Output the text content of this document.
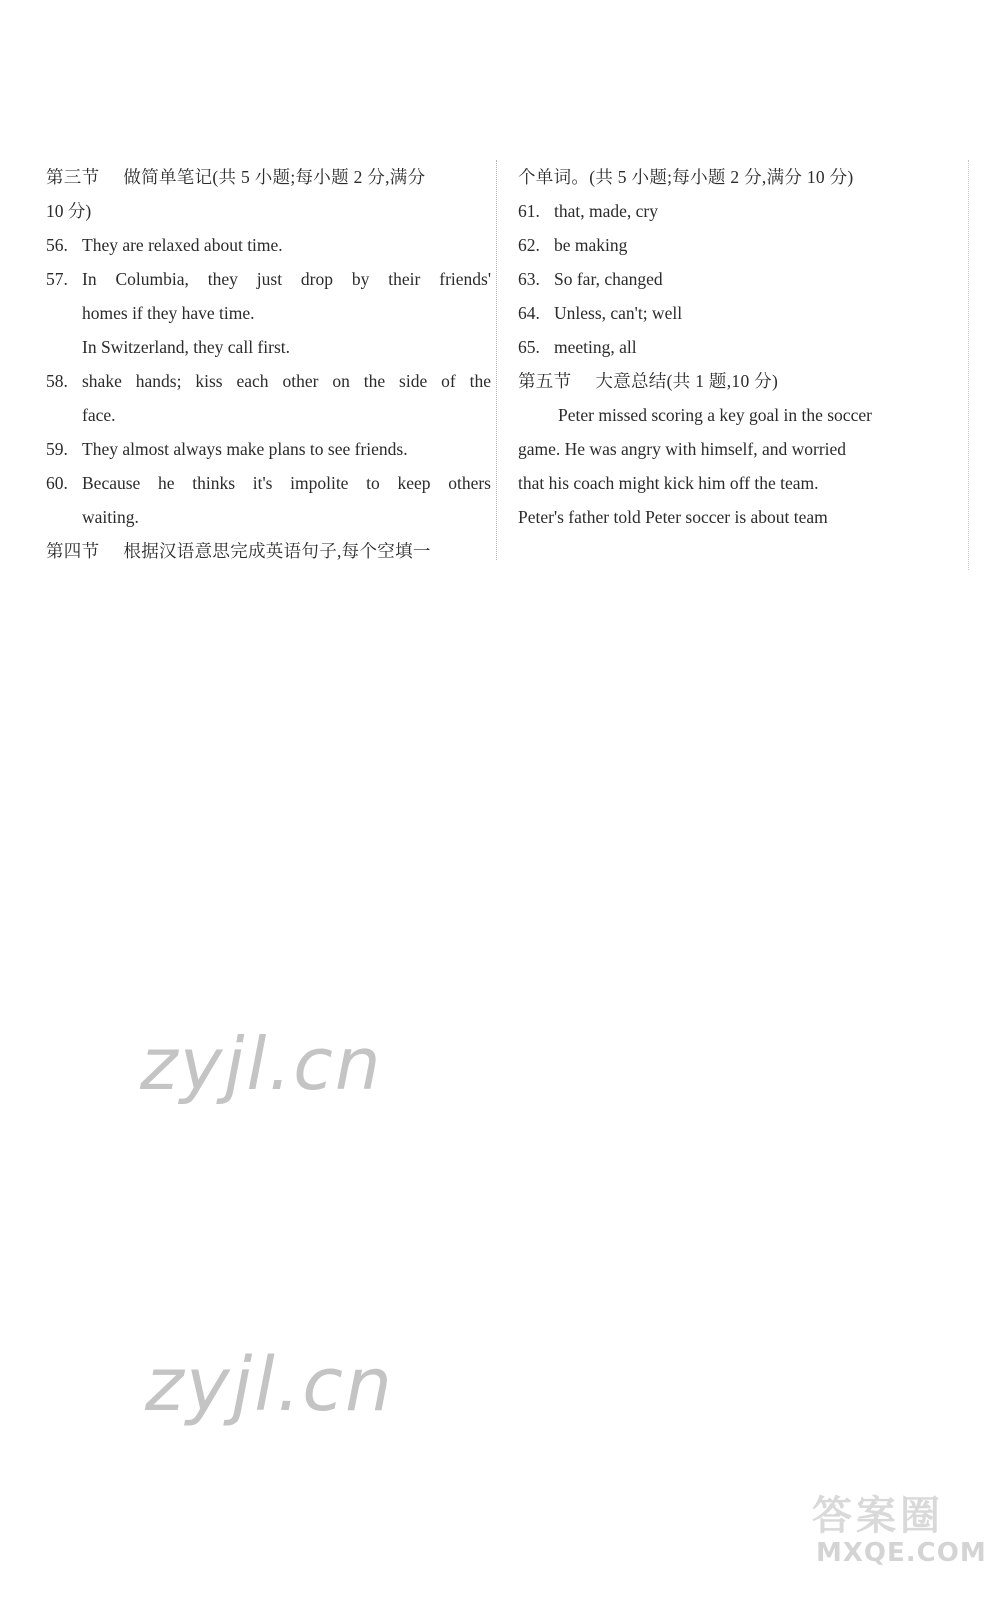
第三节 做简单笔记(共 5 小题;每小题 2 分,满分
10 分)
56. They are relaxed about time.
57. In Columbia, they just drop by their friends'
homes if they have time.
In Switzerland, they call first.
58. shake hands; kiss each other on the side of the
face.
59. They almost always make plans to see friends.
60. Because he thinks it's impolite to keep others
waiting.
第四节 根据汉语意思完成英语句子,每个空填一
个单词。(共 5 小题;每小题 2 分,满分 10 分)
61. that, made, cry
62. be making
63. So far, changed
64. Unless, can't; well
65. meeting, all
第五节 大意总结(共 1 题,10 分)
Peter missed scoring a key goal in the soccer
game. He was angry with himself, and worried
that his coach might kick him off the team.
Peter's father told Peter soccer is about team
zyjl.cn
zyjl.cn
答案圈
MXQE.COM
